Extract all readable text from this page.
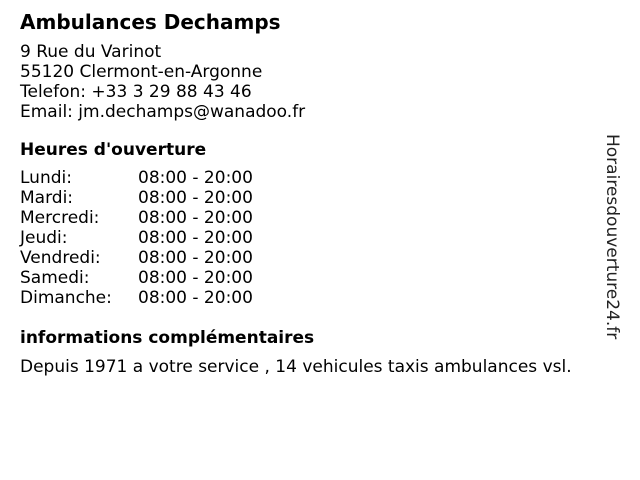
Ambulances Dechamps
9 Rue du Varinot
55120 Clermont-en-Argonne
Telefon: +33 3 29 88 43 46
Email: jm.dechamps@wanadoo.fr
Heures d'ouverture
Lundi:	08:00 - 20:00
Mardi:	08:00 - 20:00
Mercredi:	08:00 - 20:00
Jeudi:	08:00 - 20:00
Vendredi:	08:00 - 20:00
Samedi:	08:00 - 20:00
Dimanche:	08:00 - 20:00
informations complémentaires
Depuis 1971 a votre service , 14 vehicules taxis ambulances vsl.
Horairesdouverture24.fr
